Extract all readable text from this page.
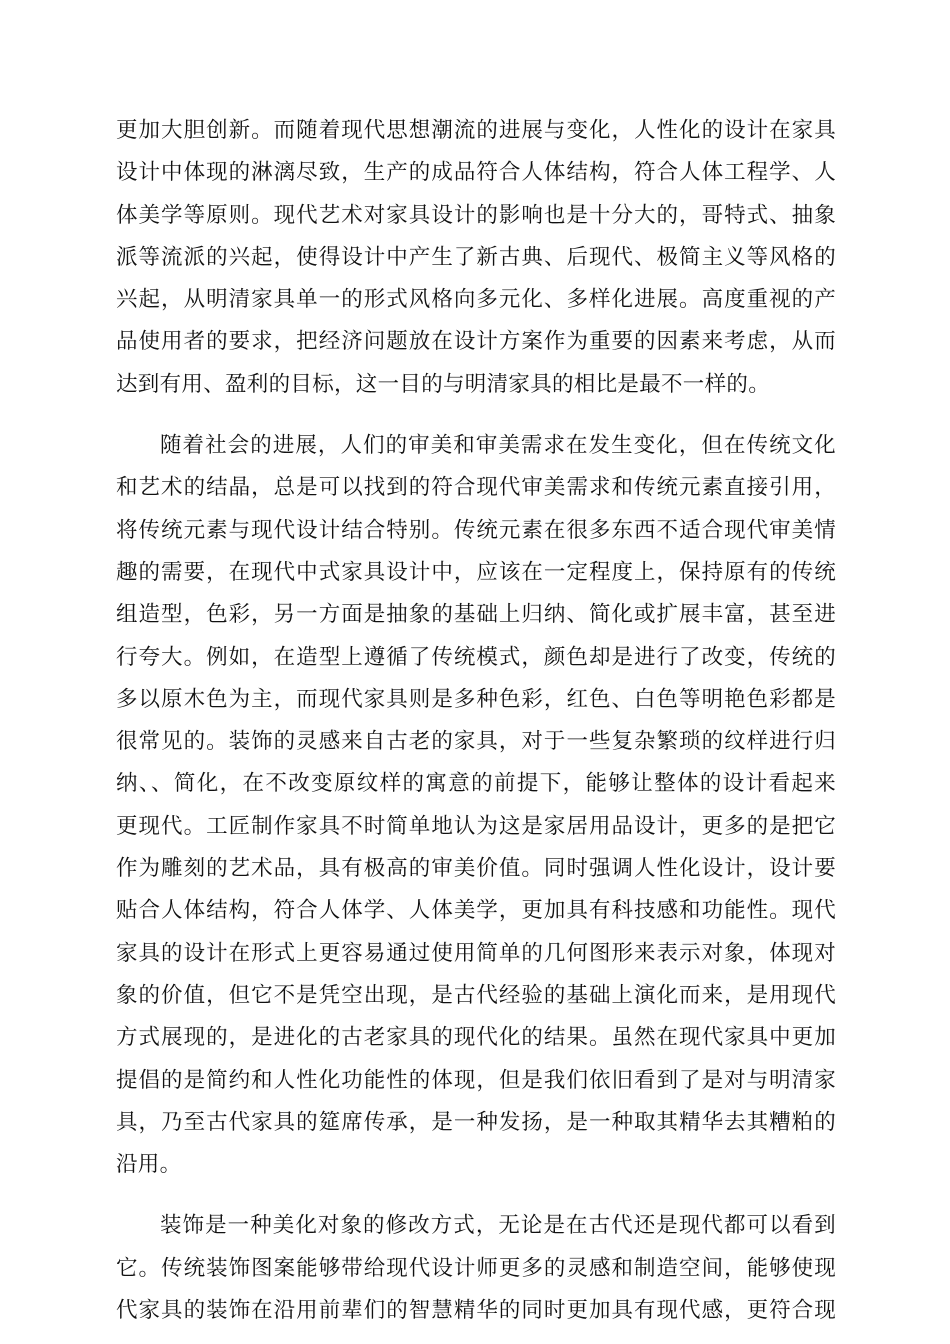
更加大胆创新。而随着现代思想潮流的进展与变化，人性化的设计在家具
设计中体现的淋漓尽致，生产的成品符合人体结构，符合人体工程学、人
体美学等原则。现代艺术对家具设计的影响也是十分大的，哥特式、抽象
派等流派的兴起，使得设计中产生了新古典、后现代、极简主义等风格的
兴起，从明清家具单一的形式风格向多元化、多样化进展。高度重视的产
品使用者的要求，把经济问题放在设计方案作为重要的因素来考虑，从而
达到有用、盈利的目标，这一目的与明清家具的相比是最不一样的。

随着社会的进展，人们的审美和审美需求在发生变化，但在传统文化
和艺术的结晶，总是可以找到的符合现代审美需求和传统元素直接引用，
将传统元素与现代设计结合特别。传统元素在很多东西不适合现代审美情
趣的需要，在现代中式家具设计中，应该在一定程度上，保持原有的传统
组造型，色彩，另一方面是抽象的基础上归纳、简化或扩展丰富，甚至进
行夸大。例如，在造型上遵循了传统模式，颜色却是进行了改变，传统的
多以原木色为主，而现代家具则是多种色彩，红色、白色等明艳色彩都是
很常见的。装饰的灵感来自古老的家具，对于一些复杂繁琐的纹样进行归
纳、、简化，在不改变原纹样的寓意的前提下，能够让整体的设计看起来
更现代。工匠制作家具不时简单地认为这是家居用品设计，更多的是把它
作为雕刻的艺术品，具有极高的审美价值。同时强调人性化设计，设计要
贴合人体结构，符合人体学、人体美学，更加具有科技感和功能性。现代
家具的设计在形式上更容易通过使用简单的几何图形来表示对象，体现对
象的价值，但它不是凭空出现，是古代经验的基础上演化而来，是用现代
方式展现的，是进化的古老家具的现代化的结果。虽然在现代家具中更加
提倡的是简约和人性化功能性的体现，但是我们依旧看到了是对与明清家
具，乃至古代家具的筵席传承，是一种发扬，是一种取其精华去其糟粕的
沿用。

装饰是一种美化对象的修改方式，无论是在古代还是现代都可以看到
它。传统装饰图案能够带给现代设计师更多的灵感和制造空间，能够使现
代家具的装饰在沿用前辈们的智慧精华的同时更加具有现代感，更符合现
